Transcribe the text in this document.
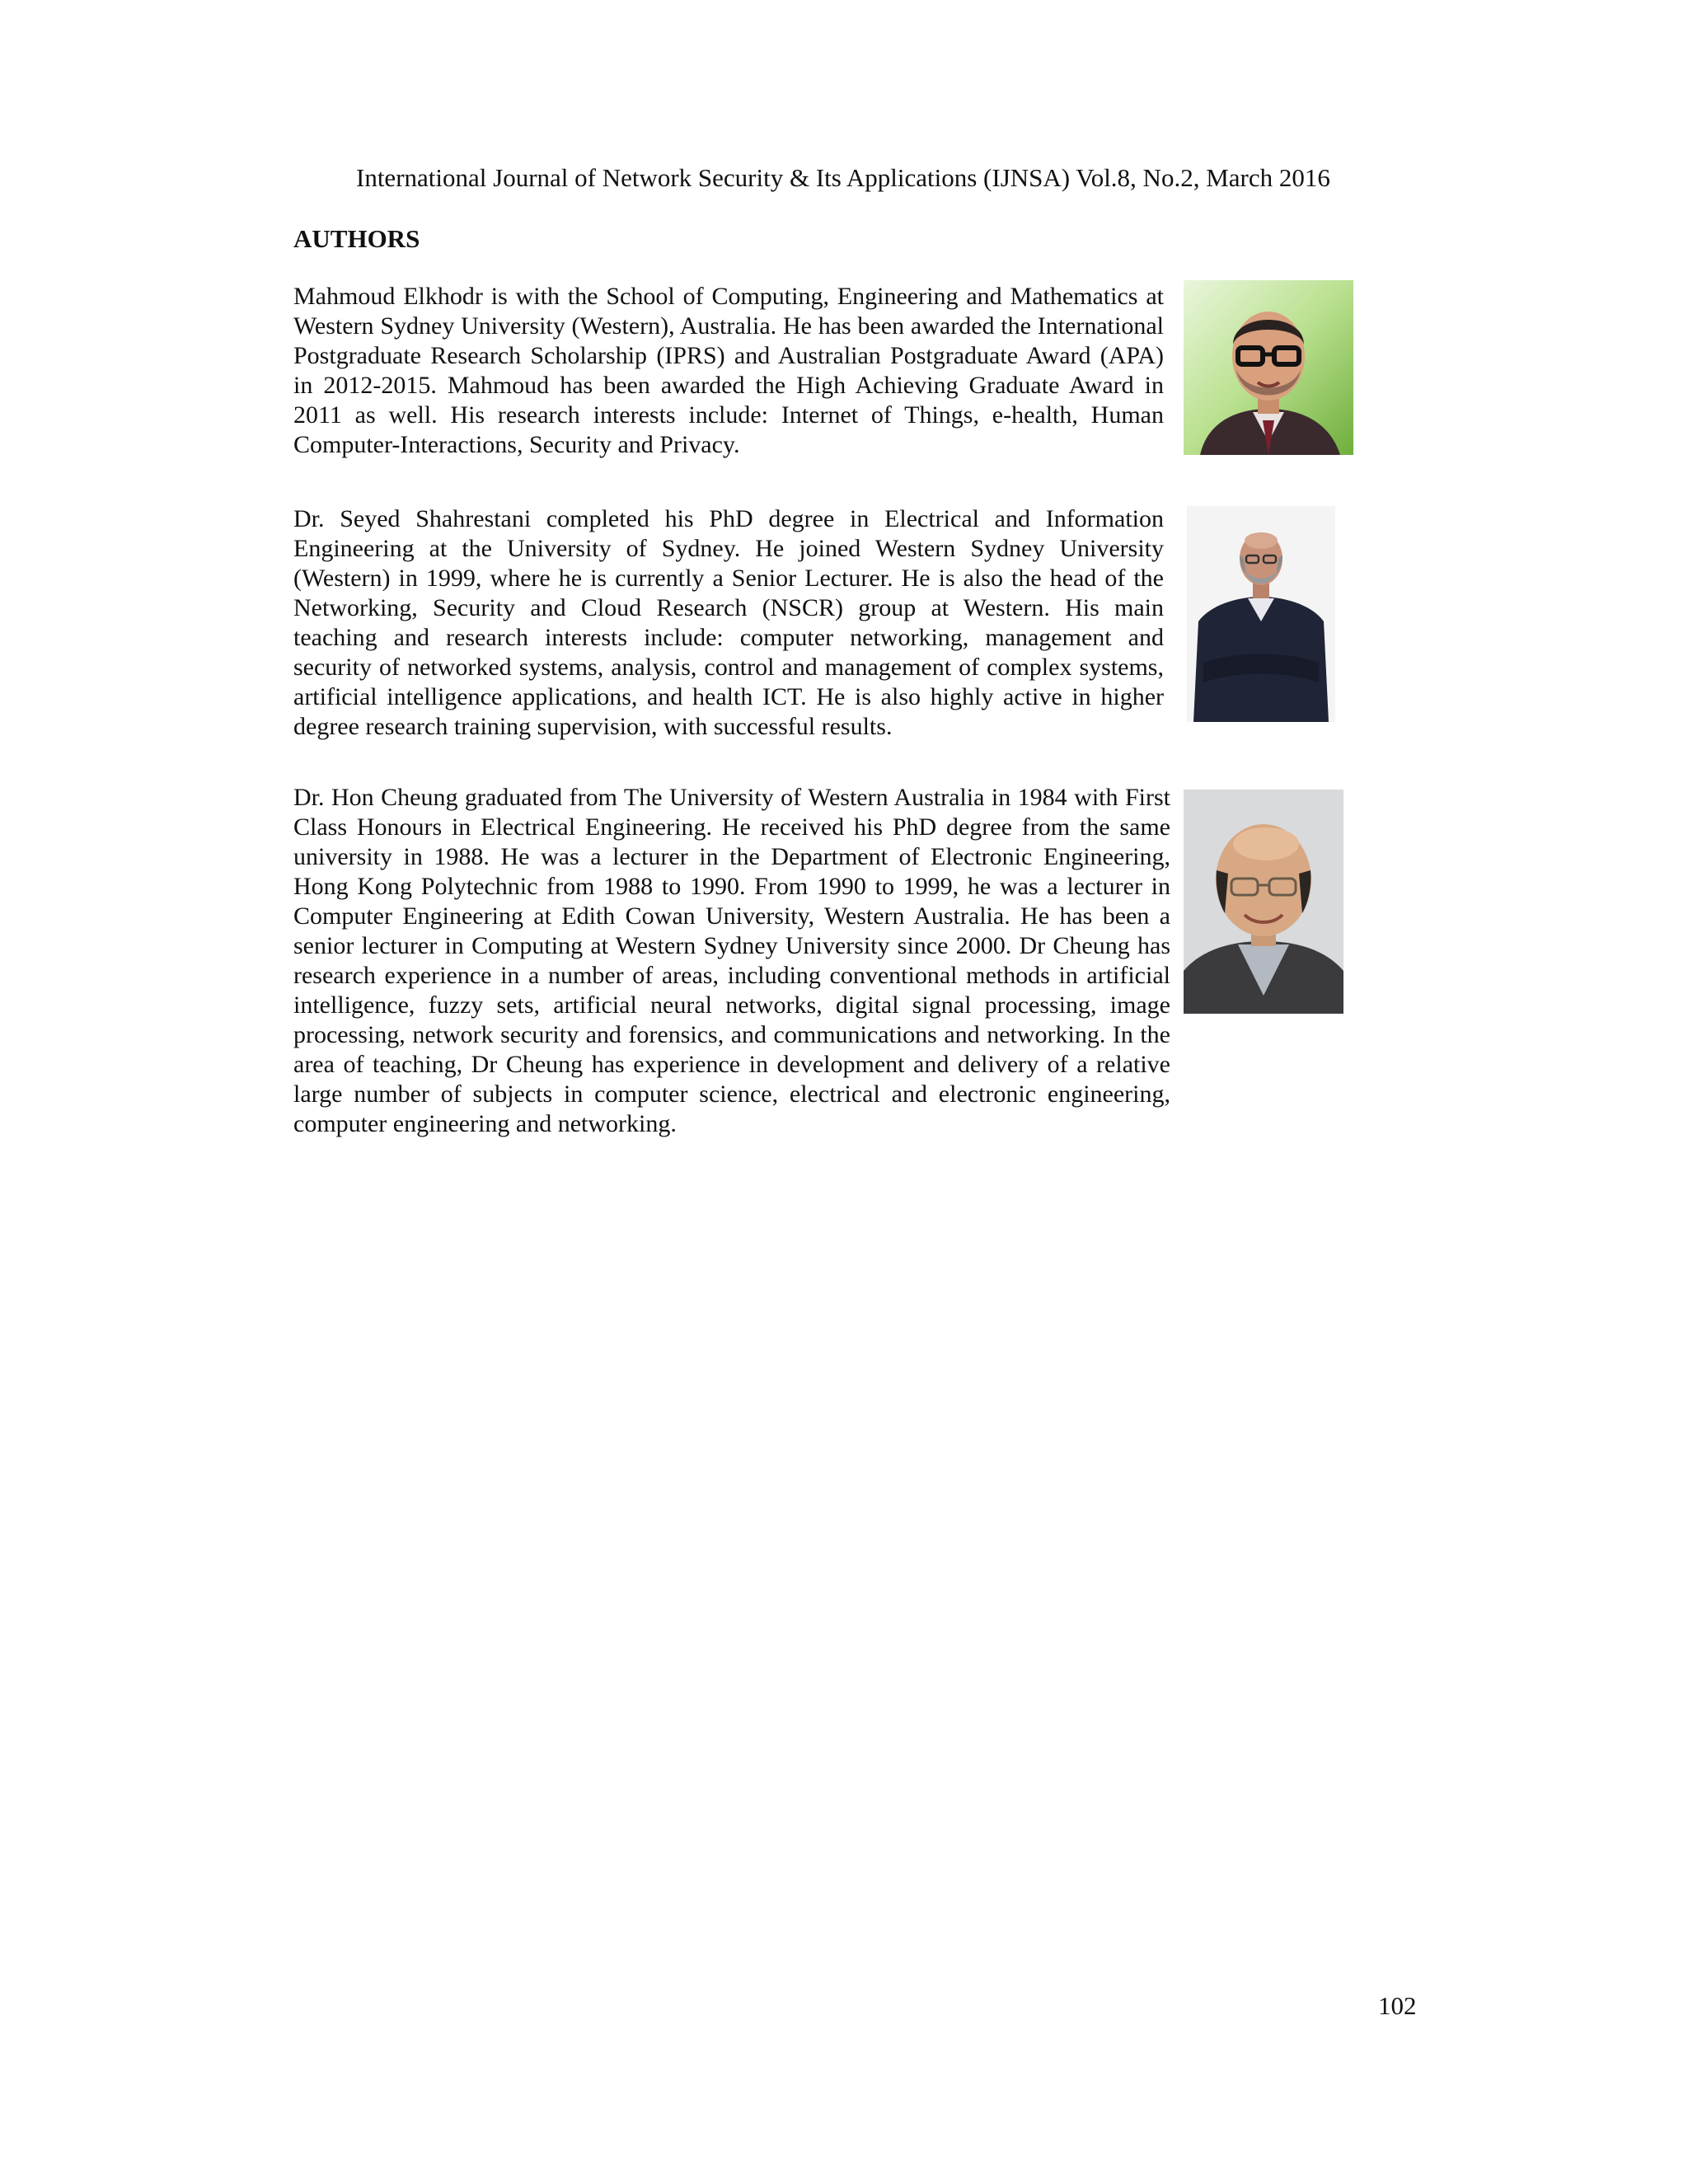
International Journal of Network Security & Its Applications (IJNSA) Vol.8, No.2, March 2016
AUTHORS

Mahmoud Elkhodr is with the School of Computing, Engineering and Mathematics at Western Sydney University (Western), Australia. He has been awarded the International Postgraduate Research Scholarship (IPRS) and Australian Postgraduate Award (APA) in 2012-2015. Mahmoud has been awarded the High Achieving Graduate Award in 2011 as well. His research interests include: Internet of Things, e-health, Human Computer-Interactions, Security and Privacy.

Dr. Seyed Shahrestani completed his PhD degree in Electrical and Information Engineering at the University of Sydney. He joined Western Sydney University (Western) in 1999, where he is currently a Senior Lecturer. He is also the head of the Networking, Security and Cloud Research (NSCR) group at Western. His main teaching and research interests include: computer networking, management and security of networked systems, analysis, control and management of complex systems, artificial intelligence applications, and health ICT. He is also highly active in higher degree research training supervision, with successful results.

Dr. Hon Cheung graduated from The University of Western Australia in 1984 with First Class Honours in Electrical Engineering. He received his PhD degree from the same university in 1988. He was a lecturer in the Department of Electronic Engineering, Hong Kong Polytechnic from 1988 to 1990. From 1990 to 1999, he was a lecturer in Computer Engineering at Edith Cowan University, Western Australia. He has been a senior lecturer in Computing at Western Sydney University since 2000. Dr Cheung has research experience in a number of areas, including conventional methods in artificial intelligence, fuzzy sets, artificial neural networks, digital signal processing, image processing, network security and forensics, and communications and networking. In the area of teaching, Dr Cheung has experience in development and delivery of a relative large number of subjects in computer science, electrical and electronic engineering, computer engineering and networking.

102
